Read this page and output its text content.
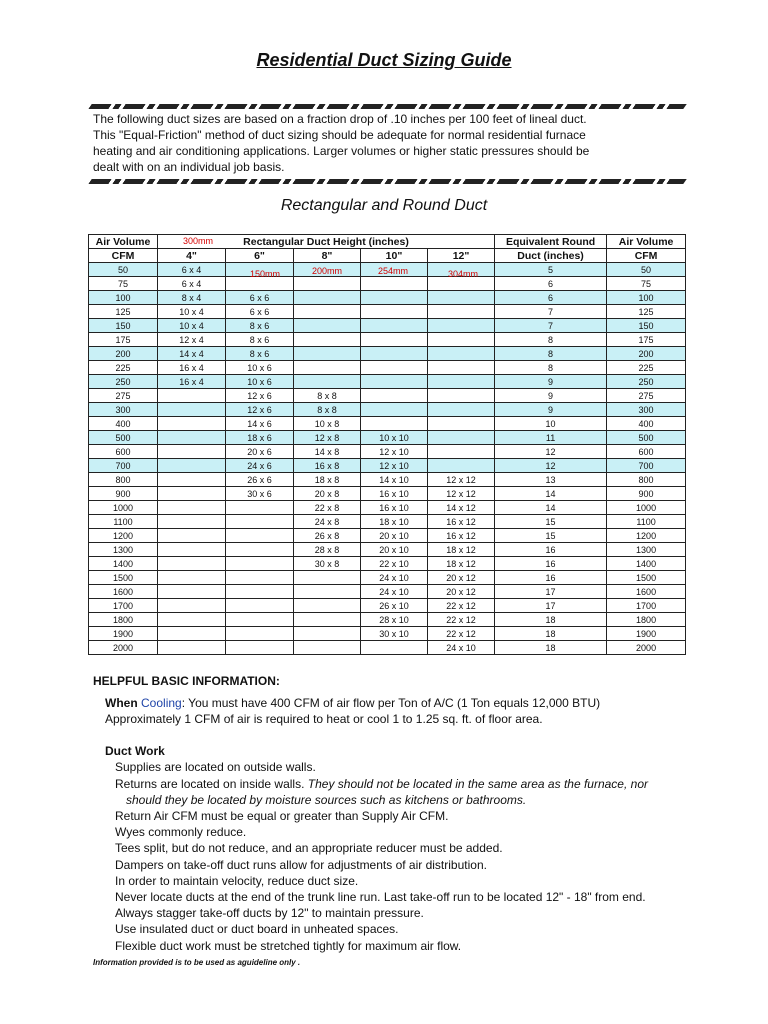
Residential Duct Sizing Guide
The following duct sizes are based on a fraction drop of .10 inches per 100 feet of lineal duct.
This "Equal-Friction" method of duct sizing should be adequate for normal residential furnace
heating and air conditioning applications. Larger volumes or higher static pressures should be
dealt with on an individual job basis.
Rectangular and Round Duct
Air Volume	Rectangular Duct Height (inches)					Equivalent Round	Air Volume
CFM	4"	6"	8"	10"	12"	Duct (inches)	CFM
50	6 x 4					5	50
75	6 x 4					6	75
100	8 x 4	6 x 6				6	100
125	10 x 4	6 x 6				7	125
150	10 x 4	8 x 6				7	150
175	12 x 4	8 x 6				8	175
200	14 x 4	8 x 6				8	200
225	16 x 4	10 x 6				8	225
250	16 x 4	10 x 6				9	250
275		12 x 6	8 x 8			9	275
300		12 x 6	8 x 8			9	300
400		14 x 6	10 x 8			10	400
500		18 x 6	12 x 8	10 x 10		11	500
600		20 x 6	14 x 8	12 x 10		12	600
700		24 x 6	16 x 8	12 x 10		12	700
800		26 x 6	18 x 8	14 x 10	12 x 12	13	800
900		30 x 6	20 x 8	16 x 10	12 x 12	14	900
1000			22 x 8	16 x 10	14 x 12	14	1000
1100			24 x 8	18 x 10	16 x 12	15	1100
1200			26 x 8	20 x 10	16 x 12	15	1200
1300			28 x 8	20 x 10	18 x 12	16	1300
1400			30 x 8	22 x 10	18 x 12	16	1400
1500				24 x 10	20 x 12	16	1500
1600				24 x 10	20 x 12	17	1600
1700				26 x 10	22 x 12	17	1700
1800				28 x 10	22 x 12	18	1800
1900				30 x 10	22 x 12	18	1900
2000					24 x 10	18	2000
300mm
150mm	200mm	254mm	304mm
HELPFUL BASIC INFORMATION:
When Cooling: You must have 400 CFM of air flow per Ton of A/C (1 Ton equals 12,000 BTU)
Approximately 1 CFM of air is required to heat or cool 1 to 1.25 sq. ft. of floor area.
Duct Work
Supplies are located on outside walls.
Returns are located on inside walls. They should not be located in the same area as the furnace, nor
should they be located by moisture sources such as kitchens or bathrooms.
Return Air CFM must be equal or greater than Supply Air CFM.
Wyes commonly reduce.
Tees split, but do not reduce, and an appropriate reducer must be added.
Dampers on take-off duct runs allow for adjustments of air distribution.
In order to maintain velocity, reduce duct size.
Never locate ducts at the end of the trunk line run. Last take-off run to be located 12" - 18" from end.
Always stagger take-off ducts by 12" to maintain pressure.
Use insulated duct or duct board in unheated spaces.
Flexible duct work must be stretched tightly for maximum air flow.
Information provided is to be used as aguideline only .
